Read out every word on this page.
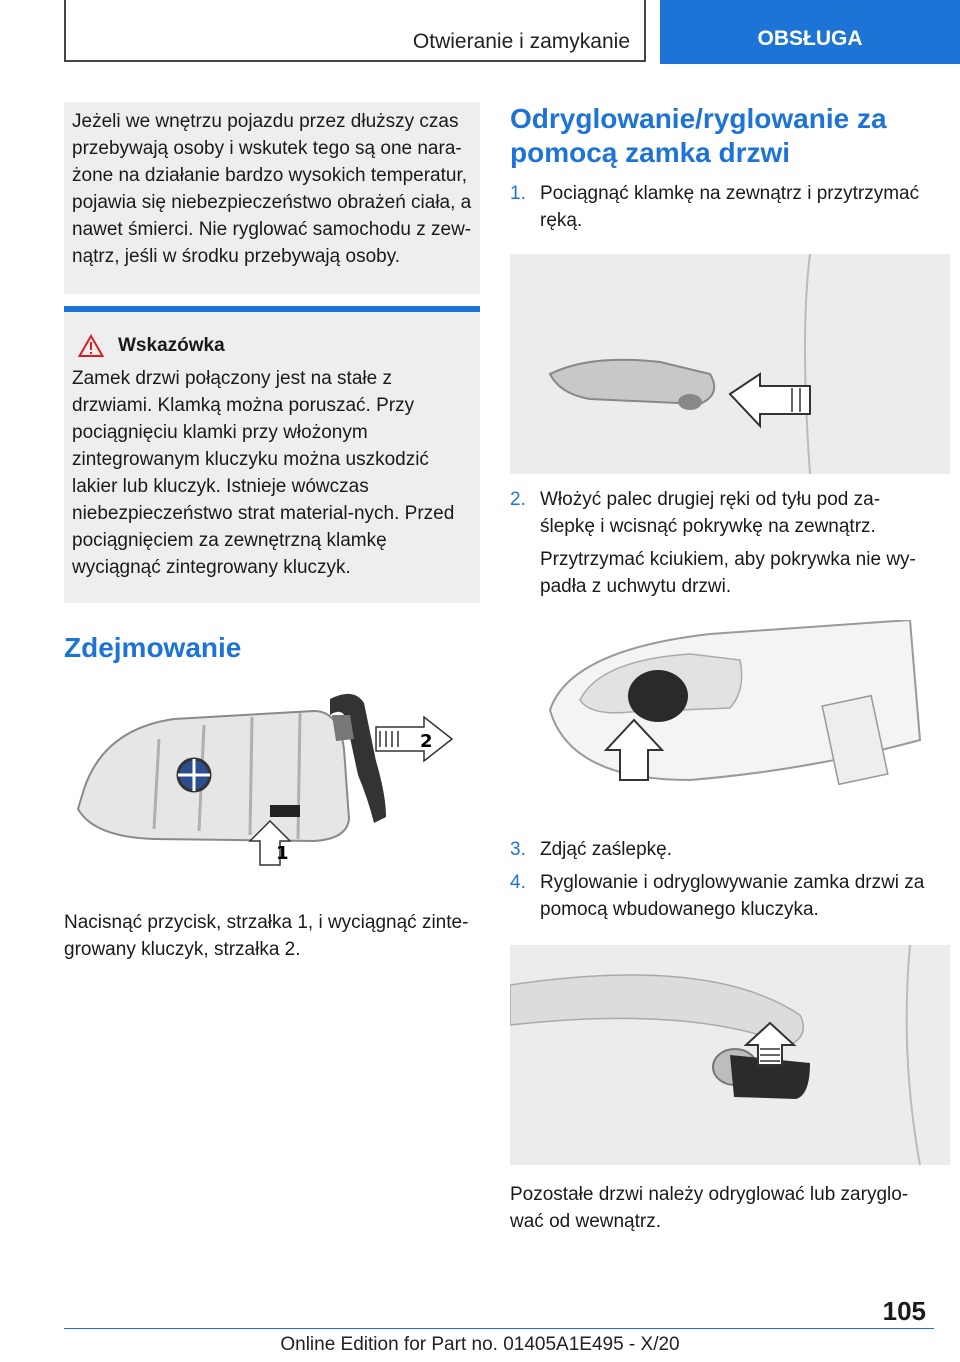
Otwieranie i zamykanie	OBSŁUGA
Jeżeli we wnętrzu pojazdu przez dłuższy czas przebywają osoby i wskutek tego są one nara-żone na działanie bardzo wysokich temperatur, pojawia się niebezpieczeństwo obrażeń ciała, a nawet śmierci. Nie ryglować samochodu z zew-nątrz, jeśli w środku przebywają osoby.
Wskazówka
Zamek drzwi połączony jest na stałe z drzwiami. Klamką można poruszać. Przy pociągnięciu klamki przy włożonym zintegrowanym kluczyku można uszkodzić lakier lub kluczyk. Istnieje wówczas niebezpieczeństwo strat material-nych. Przed pociągnięciem za zewnętrzną klamkę wyciągnąć zintegrowany kluczyk.
Zdejmowanie
2
1
Nacisnąć przycisk, strzałka 1, i wyciągnąć zinte-growany kluczyk, strzałka 2.
Odryglowanie/ryglowanie za pomocą zamka drzwi
1. Pociągnąć klamkę na zewnątrz i przytrzymać ręką.
2. Włożyć palec drugiej ręki od tyłu pod za-ślepkę i wcisnąć pokrywkę na zewnątrz.
Przytrzymać kciukiem, aby pokrywka nie wy-padła z uchwytu drzwi.
3. Zdjąć zaślepkę.
4. Ryglowanie i odryglowywanie zamka drzwi za pomocą wbudowanego kluczyka.
Pozostałe drzwi należy odryglować lub zaryglo-wać od wewnątrz.
105
Online Edition for Part no. 01405A1E495 - X/20
